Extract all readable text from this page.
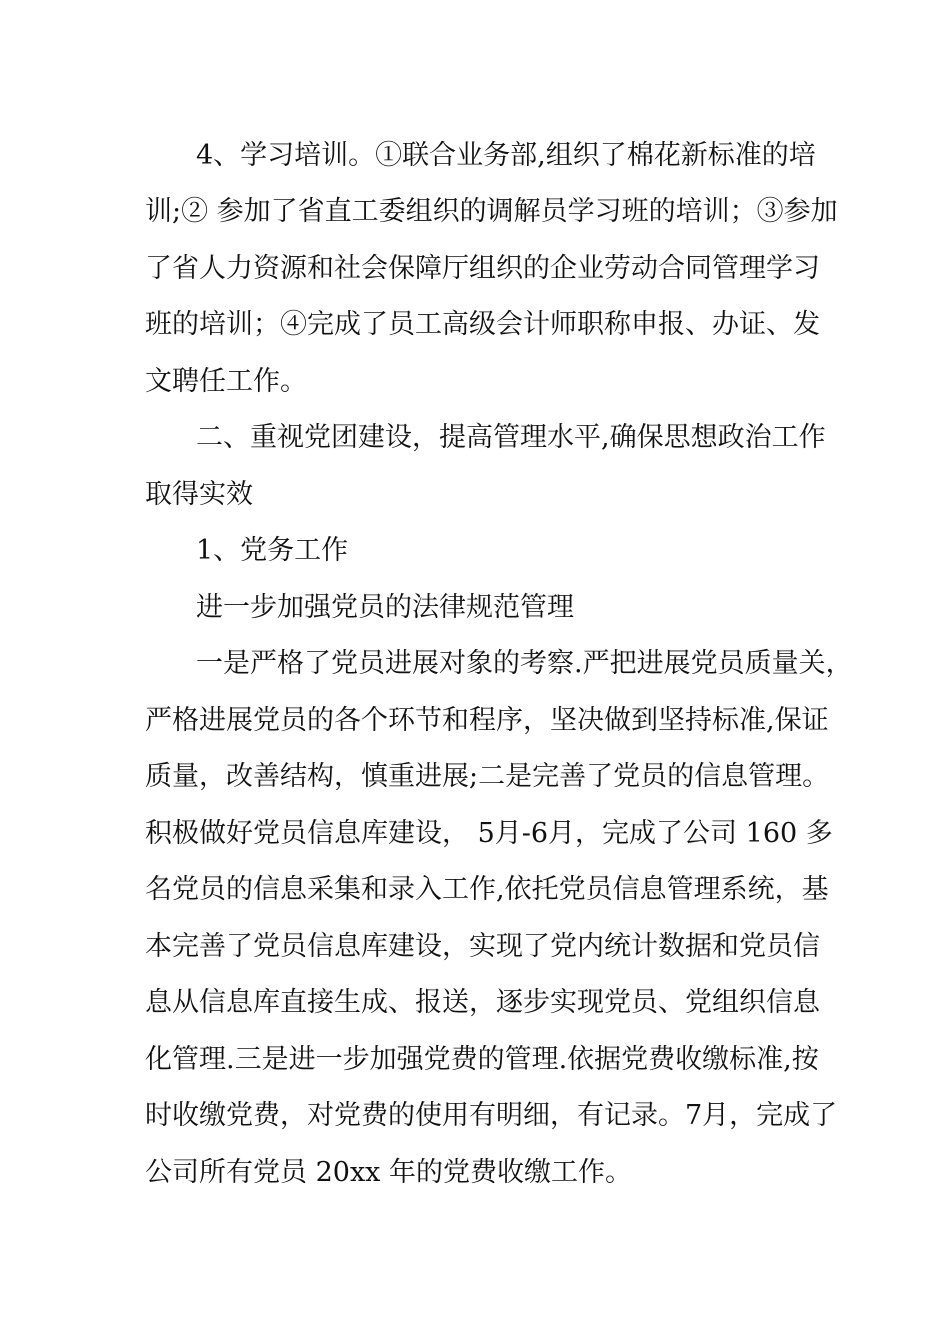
4、学习培训。①联合业务部,组织了棉花新标准的培

训;② 参加了省直工委组织的调解员学习班的培训；③参加

了省人力资源和社会保障厅组织的企业劳动合同管理学习

班的培训；④完成了员工高级会计师职称申报、办证、发

文聘任工作。

二、重视党团建设，提高管理水平,确保思想政治工作

取得实效

1、党务工作

进一步加强党员的法律规范管理

一是严格了党员进展对象的考察.严把进展党员质量关，

严格进展党员的各个环节和程序，坚决做到坚持标准,保证

质量，改善结构，慎重进展;二是完善了党员的信息管理。

积极做好党员信息库建设， 5月-6月，完成了公司 160 多

名党员的信息采集和录入工作,依托党员信息管理系统，基

本完善了党员信息库建设，实现了党内统计数据和党员信

息从信息库直接生成、报送，逐步实现党员、党组织信息

化管理.三是进一步加强党费的管理.依据党费收缴标准,按

时收缴党费，对党费的使用有明细，有记录。7月，完成了

公司所有党员 20xx 年的党费收缴工作。
